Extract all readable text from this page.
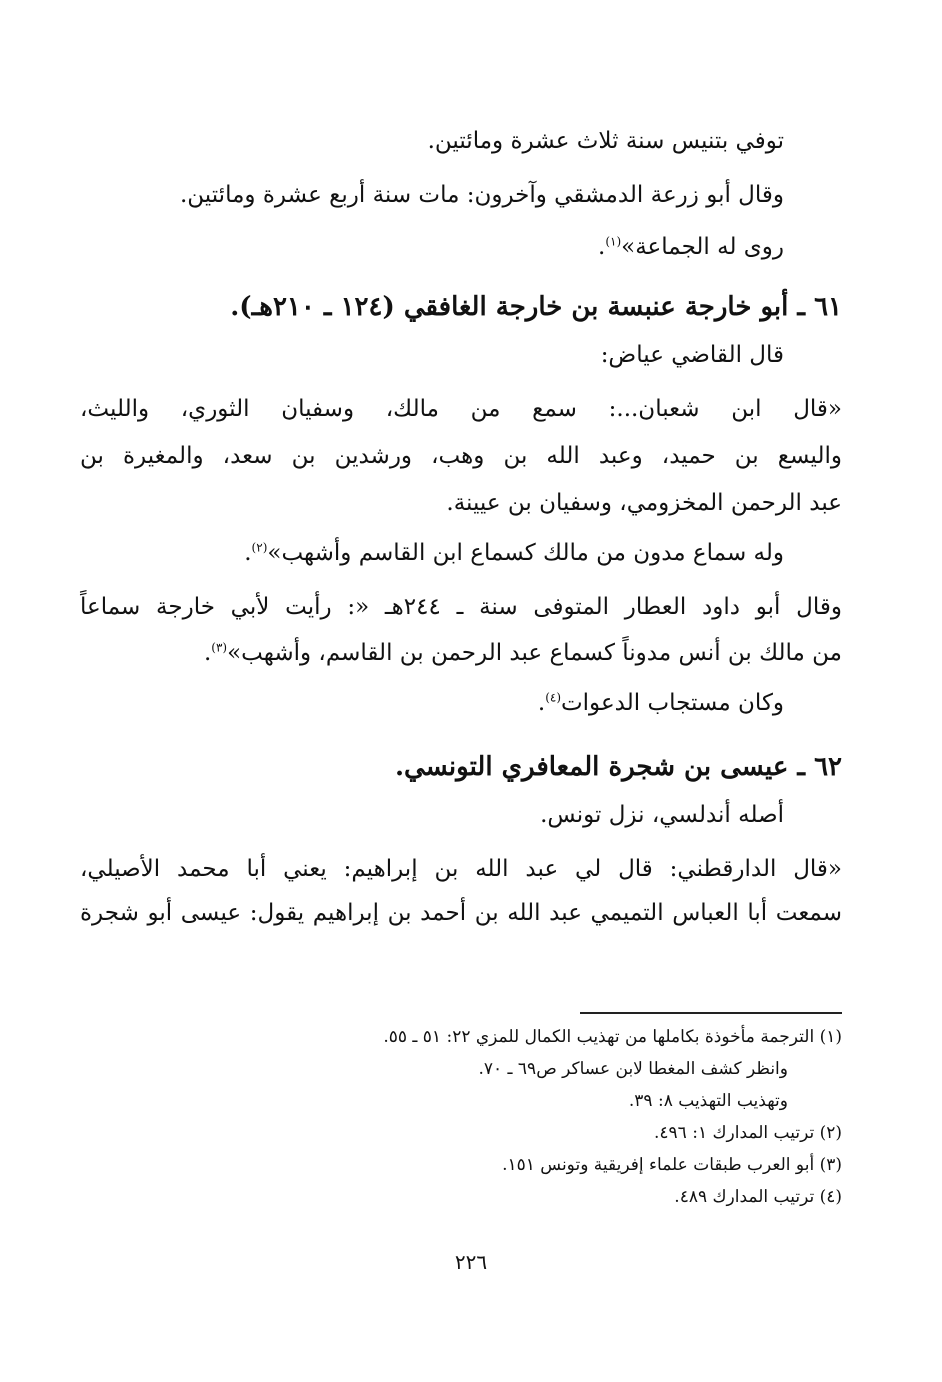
توفي بتنيس سنة ثلاث عشرة ومائتين.

وقال أبو زرعة الدمشقي وآخرون: مات سنة أربع عشرة ومائتين.

روى له الجماعة»$^{(١)}$.

٦١ ـ أبو خارجة عنبسة بن خارجة الغافقي (١٢٤ ـ ٢١٠هـ).

قال القاضي عياض:

«قال ابن شعبان...: سمع من مالك، وسفيان الثوري، والليث،

واليسع بن حميد، وعبد الله بن وهب، ورشدين بن سعد، والمغيرة بن

عبد الرحمن المخزومي، وسفيان بن عيينة.

وله سماع مدون من مالك كسماع ابن القاسم وأشهب»$^{(٢)}$.

وقال أبو داود العطار المتوفى سنة ـ ٢٤٤هـ «: رأيت لأبي خارجة سماعاً

من مالك بن أنس مدوناً كسماع عبد الرحمن بن القاسم، وأشهب»$^{(٣)}$.

وكان مستجاب الدعوات$^{(٤)}$.

٦٢ ـ عيسى بن شجرة المعافري التونسي.

أصله أندلسي، نزل تونس.

«قال الدارقطني: قال لي عبد الله بن إبراهيم: يعني أبا محمد الأصيلي،

سمعت أبا العباس التميمي عبد الله بن أحمد بن إبراهيم يقول: عيسى أبو شجرة

(١) الترجمة مأخوذة بكاملها من تهذيب الكمال للمزي ٢٢: ٥١ ـ ٥٥.

وانظر كشف المغطا لابن عساكر ص٦٩ ـ ٧٠.

وتهذيب التهذيب ٨: ٣٩.

(٢) ترتيب المدارك ١: ٤٩٦.

(٣) أبو العرب طبقات علماء إفريقية وتونس ١٥١.

(٤) ترتيب المدارك ٤٨٩.

٢٢٦
